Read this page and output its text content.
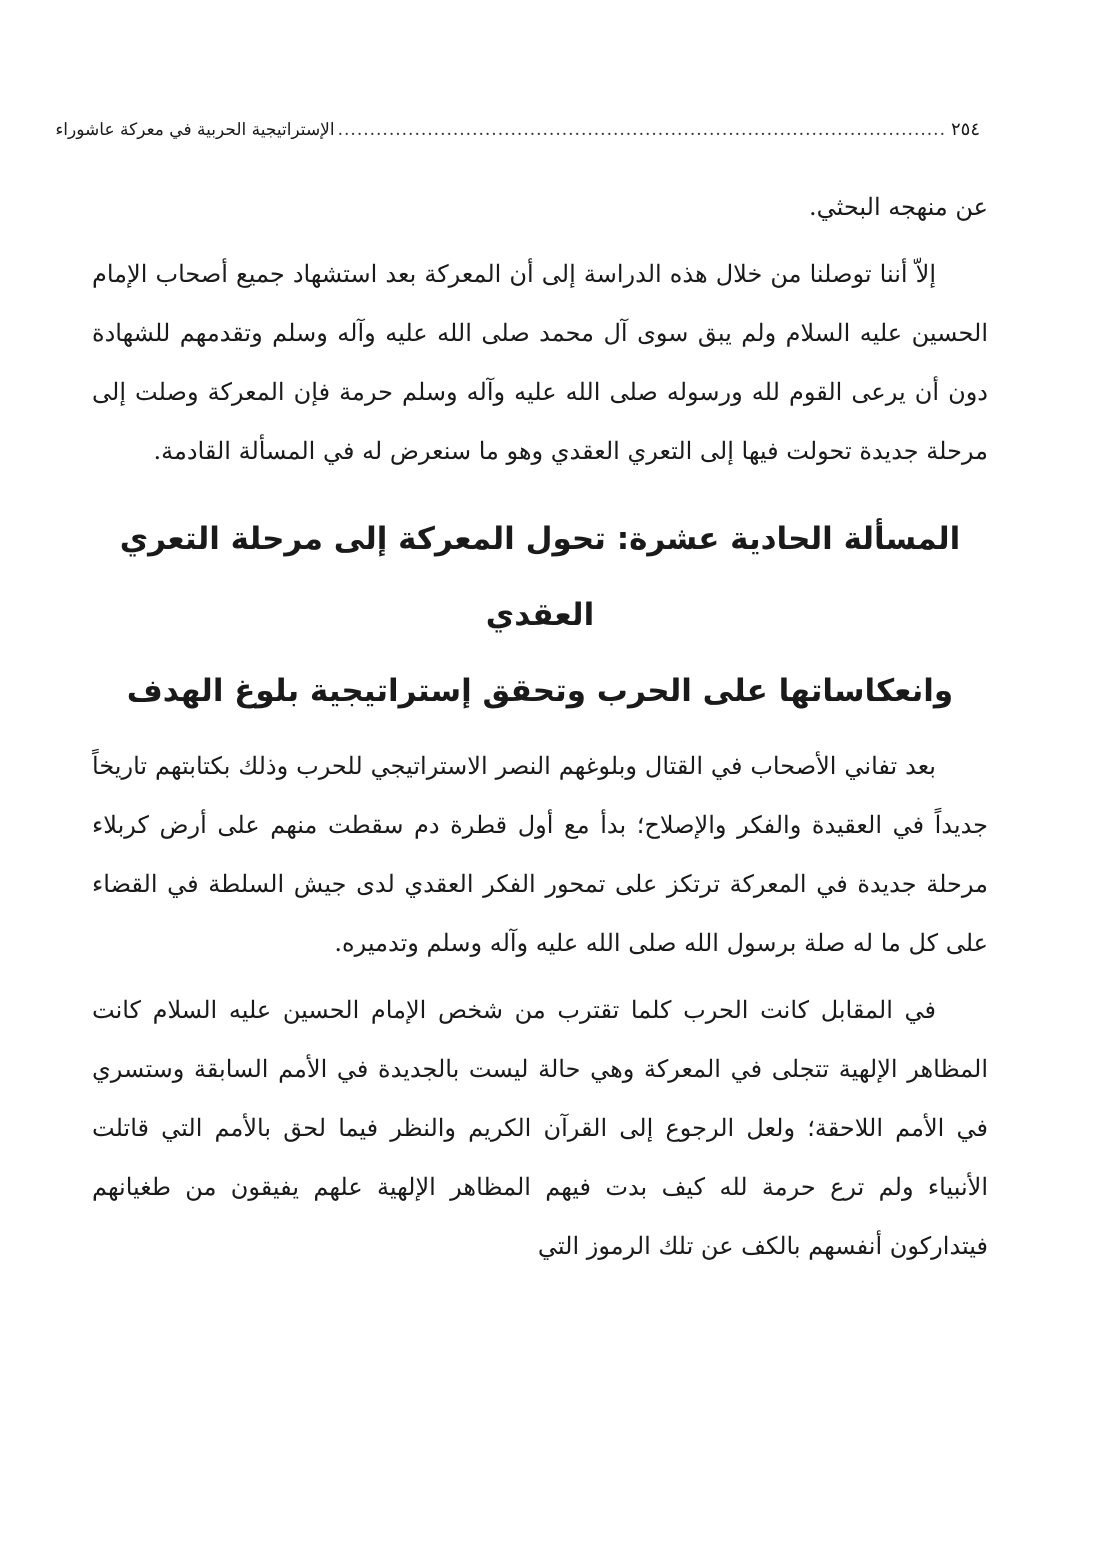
٢٥٤
...............................................................................................
الإستراتيجية الحربية في معركة عاشوراء

عن منهجه البحثي.

إلاّ أننا توصلنا من خلال هذه الدراسة إلى أن المعركة بعد استشهاد جميع أصحاب الإمام الحسين عليه السلام ولم يبق سوى آل محمد صلى الله عليه وآله وسلم وتقدمهم للشهادة دون أن يرعى القوم لله ورسوله صلى الله عليه وآله وسلم حرمة فإن المعركة وصلت إلى مرحلة جديدة تحولت فيها إلى التعري العقدي وهو ما سنعرض له في المسألة القادمة.

المسألة الحادية عشرة: تحول المعركة إلى مرحلة التعري العقدي
وانعكاساتها على الحرب وتحقق إستراتيجية بلوغ الهدف

بعد تفاني الأصحاب في القتال وبلوغهم النصر الاستراتيجي للحرب وذلك بكتابتهم تاريخاً جديداً في العقيدة والفكر والإصلاح؛ بدأ مع أول قطرة دم سقطت منهم على أرض كربلاء مرحلة جديدة في المعركة ترتكز على تمحور الفكر العقدي لدى جيش السلطة في القضاء على كل ما له صلة برسول الله صلى الله عليه وآله وسلم وتدميره.

في المقابل كانت الحرب كلما تقترب من شخص الإمام الحسين عليه السلام كانت المظاهر الإلهية تتجلى في المعركة وهي حالة ليست بالجديدة في الأمم السابقة وستسري في الأمم اللاحقة؛ ولعل الرجوع إلى القرآن الكريم والنظر فيما لحق بالأمم التي قاتلت الأنبياء ولم ترع حرمة لله كيف بدت فيهم المظاهر الإلهية علهم يفيقون من طغيانهم فيتداركون أنفسهم بالكف عن تلك الرموز التي
